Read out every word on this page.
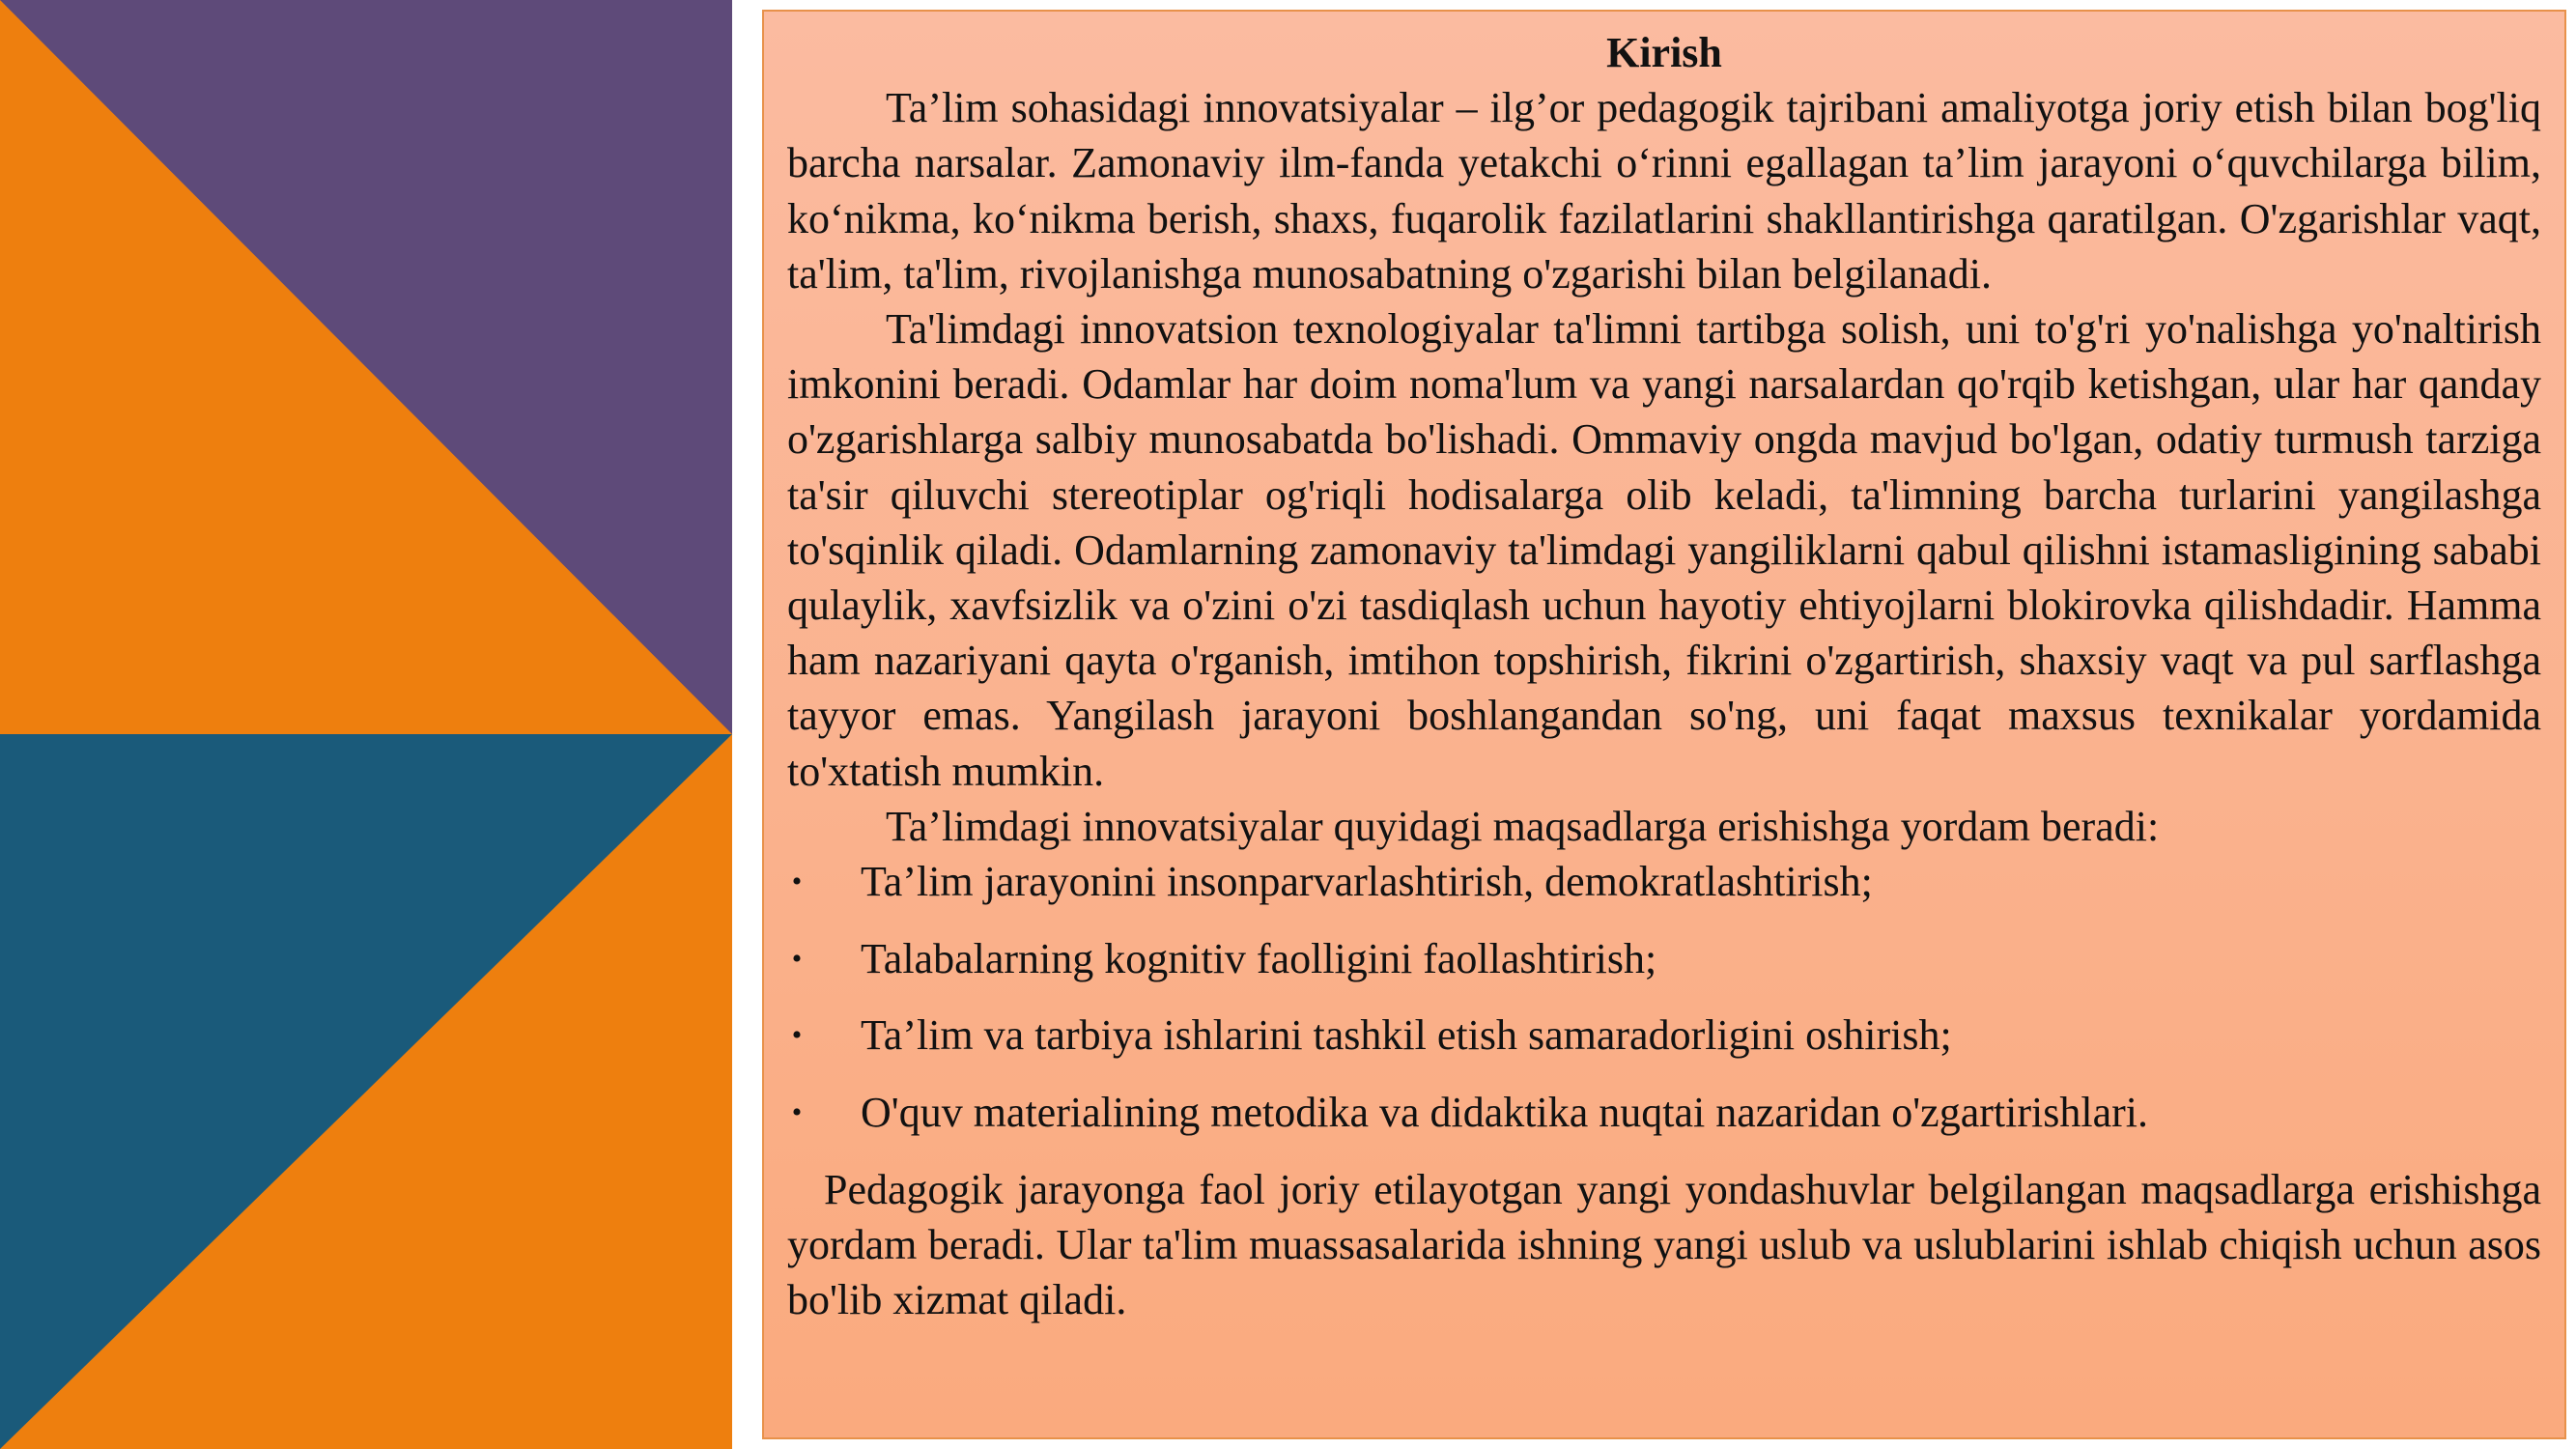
Kirish

Ta’lim sohasidagi innovatsiyalar – ilg’or pedagogik tajribani amaliyotga joriy etish bilan bog'liq barcha narsalar. Zamonaviy ilm-fanda yetakchi o‘rinni egallagan ta’lim jarayoni o‘quvchilarga bilim, ko‘nikma, ko‘nikma berish, shaxs, fuqarolik fazilatlarini shakllantirishga qaratilgan. O'zgarishlar vaqt, ta'lim, ta'lim, rivojlanishga munosabatning o'zgarishi bilan belgilanadi.

Ta'limdagi innovatsion texnologiyalar ta'limni tartibga solish, uni to'g'ri yo'nalishga yo'naltirish imkonini beradi. Odamlar har doim noma'lum va yangi narsalardan qo'rqib ketishgan, ular har qanday o'zgarishlarga salbiy munosabatda bo'lishadi. Ommaviy ongda mavjud bo'lgan, odatiy turmush tarziga ta'sir qiluvchi stereotiplar og'riqli hodisalarga olib keladi, ta'limning barcha turlarini yangilashga to'sqinlik qiladi. Odamlarning zamonaviy ta'limdagi yangiliklarni qabul qilishni istamasligining sababi qulaylik, xavfsizlik va o'zini o'zi tasdiqlash uchun hayotiy ehtiyojlarni blokirovka qilishdadir. Hamma ham nazariyani qayta o'rganish, imtihon topshirish, fikrini o'zgartirish, shaxsiy vaqt va pul sarflashga tayyor emas. Yangilash jarayoni boshlangandan so'ng, uni faqat maxsus texnikalar yordamida to'xtatish mumkin.

Ta’limdagi innovatsiyalar quyidagi maqsadlarga erishishga yordam beradi:

• Ta’lim jarayonini insonparvarlashtirish, demokratlashtirish;
• Talabalarning kognitiv faolligini faollashtirish;
• Ta’lim va tarbiya ishlarini tashkil etish samaradorligini oshirish;
• O'quv materialining metodika va didaktika nuqtai nazaridan o'zgartirishlari.

Pedagogik jarayonga faol joriy etilayotgan yangi yondashuvlar belgilangan maqsadlarga erishishga yordam beradi. Ular ta'lim muassasalarida ishning yangi uslub va uslublarini ishlab chiqish uchun asos bo'lib xizmat qiladi.
